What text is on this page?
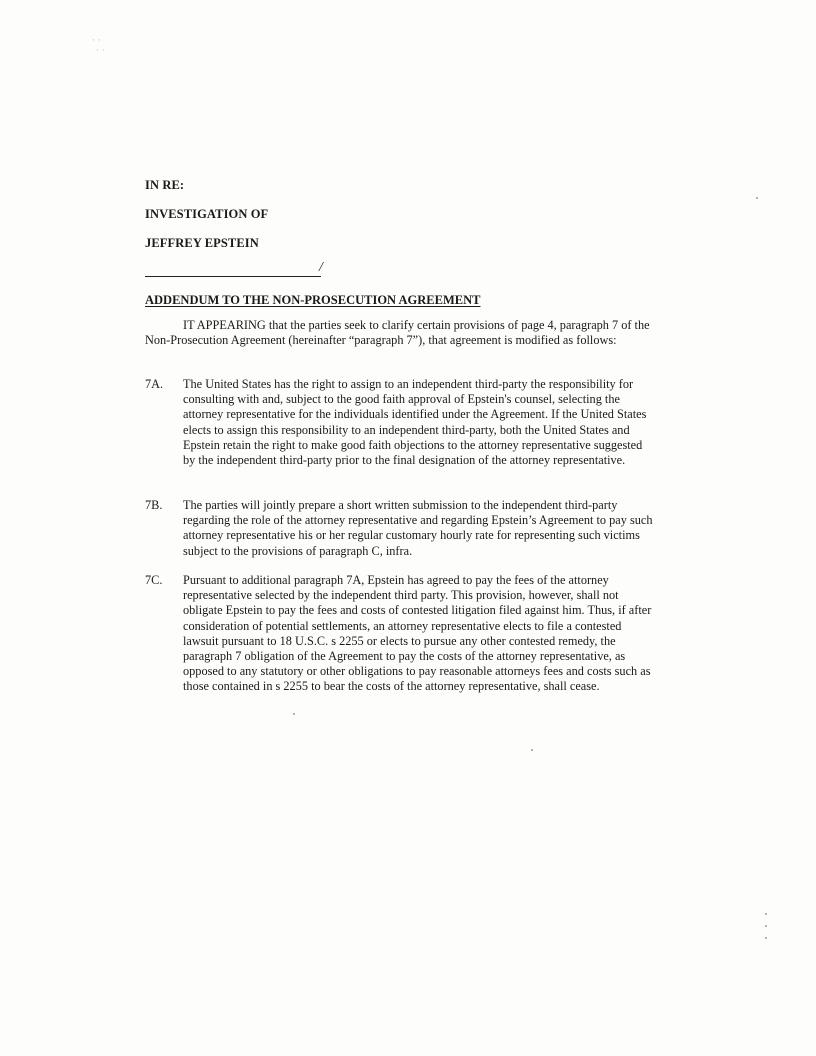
· ·
· ·
IN RE:
INVESTIGATION OF
JEFFREY EPSTEIN
/
ADDENDUM TO THE NON-PROSECUTION AGREEMENT

IT APPEARING that the parties seek to clarify certain provisions of page 4, paragraph 7 of the Non-Prosecution Agreement (hereinafter “paragraph 7”), that agreement is modified as follows:

7A.	The United States has the right to assign to an independent third-party the responsibility for consulting with and, subject to the good faith approval of Epstein's counsel, selecting the attorney representative for the individuals identified under the Agreement. If the United States elects to assign this responsibility to an independent third-party, both the United States and Epstein retain the right to make good faith objections to the attorney representative suggested by the independent third-party prior to the final designation of the attorney representative.
7B.	The parties will jointly prepare a short written submission to the independent third-party regarding the role of the attorney representative and regarding Epstein’s Agreement to pay such attorney representative his or her regular customary hourly rate for representing such victims subject to the provisions of paragraph C, infra.
7C.	Pursuant to additional paragraph 7A, Epstein has agreed to pay the fees of the attorney representative selected by the independent third party. This provision, however, shall not obligate Epstein to pay the fees and costs of contested litigation filed against him. Thus, if after consideration of potential settlements, an attorney representative elects to file a contested lawsuit pursuant to 18 U.S.C. s 2255 or elects to pursue any other contested remedy, the paragraph 7 obligation of the Agreement to pay the costs of the attorney representative, as opposed to any statutory or other obligations to pay reasonable attorneys fees and costs such as those contained in s 2255 to bear the costs of the attorney representative, shall cease.
